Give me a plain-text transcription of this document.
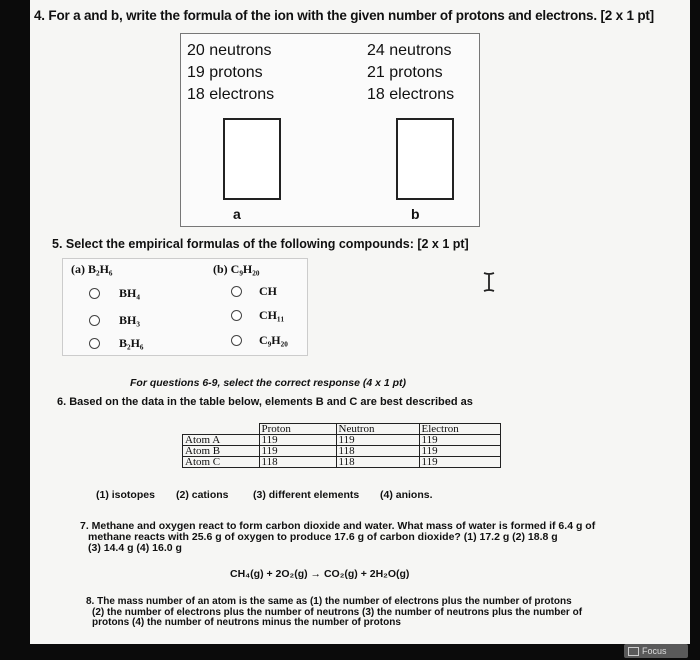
4. For a and b, write the formula of the ion with the given number of protons and electrons. [2 x 1 pt]
20 neutrons
19 protons
18 electrons
24 neutrons
21 protons
18 electrons
a	b
5. Select the empirical formulas of the following compounds: [2 x 1 pt]
(a) B₂H₆	(b) C₉H₂₀
BH₄
BH₃
B₂H₆
CH
CH₁₁
C₉H₂₀
For questions 6-9, select the correct response (4 x 1 pt)
6. Based on the data in the table below, elements B and C are best described as
	Proton	Neutron	Electron
Atom A	119	119	119
Atom B	119	118	119
Atom C	118	118	119
(1) isotopes (2) cations (3) different elements (4) anions.
7. Methane and oxygen react to form carbon dioxide and water. What mass of water is formed if 6.4 g of
methane reacts with 25.6 g of oxygen to produce 17.6 g of carbon dioxide? (1) 17.2 g (2) 18.8 g
(3) 14.4 g (4) 16.0 g
CH₄(g) + 2O₂(g) → CO₂(g) + 2H₂O(g)
8. The mass number of an atom is the same as (1) the number of electrons plus the number of protons
(2) the number of electrons plus the number of neutrons (3) the number of neutrons plus the number of
protons (4) the number of neutrons minus the number of protons
Focus
